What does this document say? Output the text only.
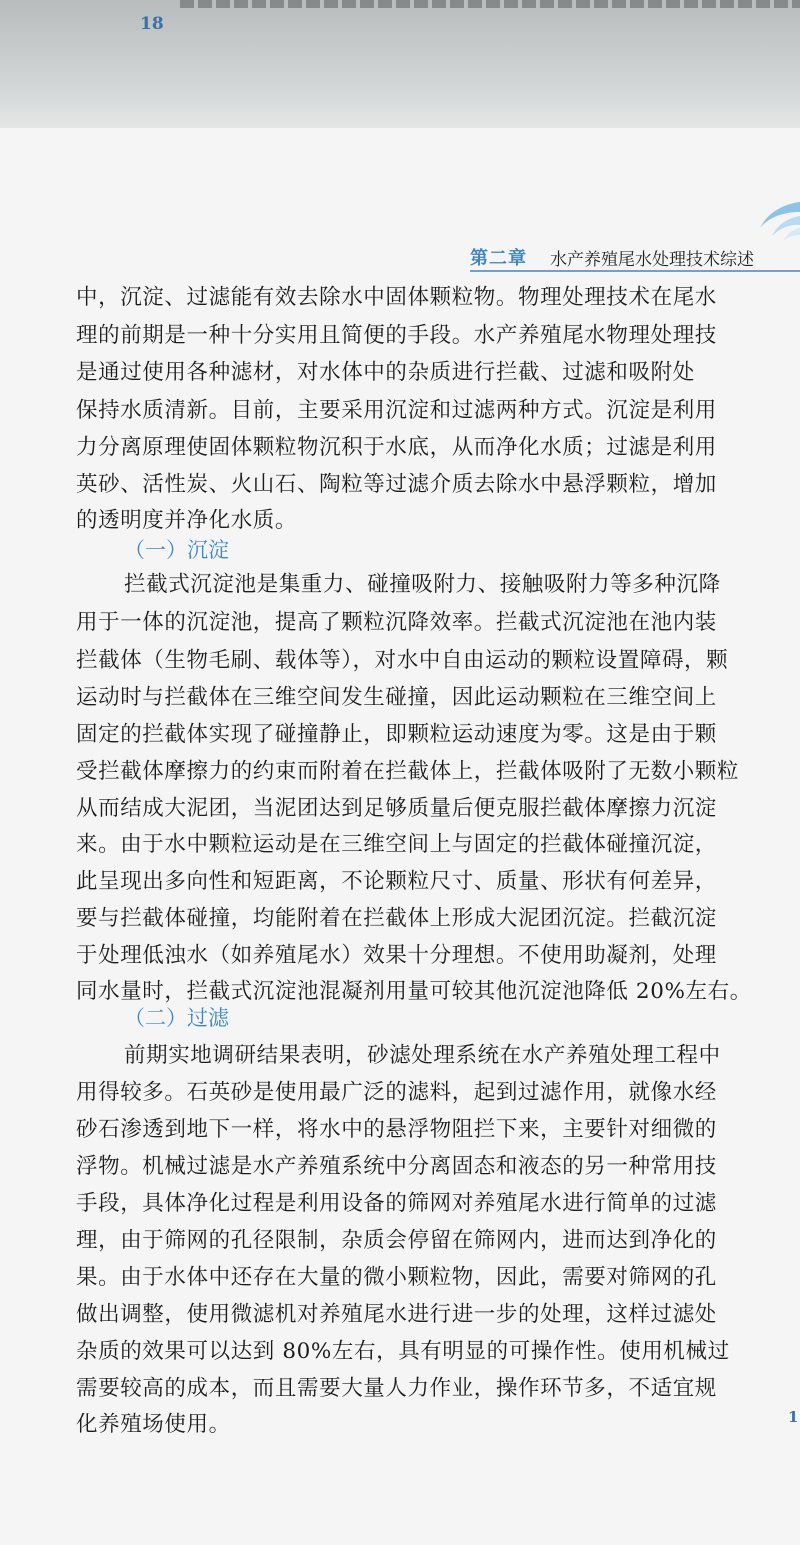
18
第二章 水产养殖尾水处理技术综述
中，沉淀、过滤能有效去除水中固体颗粒物。物理处理技术在尾水
理的前期是一种十分实用且简便的手段。水产养殖尾水物理处理技
是通过使用各种滤材，对水体中的杂质进行拦截、过滤和吸附处
保持水质清新。目前，主要采用沉淀和过滤两种方式。沉淀是利用
力分离原理使固体颗粒物沉积于水底，从而净化水质；过滤是利用
英砂、活性炭、火山石、陶粒等过滤介质去除水中悬浮颗粒，增加
的透明度并净化水质。
（一）沉淀
拦截式沉淀池是集重力、碰撞吸附力、接触吸附力等多种沉降
用于一体的沉淀池，提高了颗粒沉降效率。拦截式沉淀池在池内装
拦截体（生物毛刷、载体等），对水中自由运动的颗粒设置障碍，颗
运动时与拦截体在三维空间发生碰撞，因此运动颗粒在三维空间上
固定的拦截体实现了碰撞静止，即颗粒运动速度为零。这是由于颗
受拦截体摩擦力的约束而附着在拦截体上，拦截体吸附了无数小颗粒
从而结成大泥团，当泥团达到足够质量后便克服拦截体摩擦力沉淀
来。由于水中颗粒运动是在三维空间上与固定的拦截体碰撞沉淀，
此呈现出多向性和短距离，不论颗粒尺寸、质量、形状有何差异，
要与拦截体碰撞，均能附着在拦截体上形成大泥团沉淀。拦截沉淀
于处理低浊水（如养殖尾水）效果十分理想。不使用助凝剂，处理
同水量时，拦截式沉淀池混凝剂用量可较其他沉淀池降低 20%左右。
（二）过滤
前期实地调研结果表明，砂滤处理系统在水产养殖处理工程中
用得较多。石英砂是使用最广泛的滤料，起到过滤作用，就像水经
砂石渗透到地下一样，将水中的悬浮物阻拦下来，主要针对细微的
浮物。机械过滤是水产养殖系统中分离固态和液态的另一种常用技
手段，具体净化过程是利用设备的筛网对养殖尾水进行简单的过滤
理，由于筛网的孔径限制，杂质会停留在筛网内，进而达到净化的
果。由于水体中还存在大量的微小颗粒物，因此，需要对筛网的孔
做出调整，使用微滤机对养殖尾水进行进一步的处理，这样过滤处
杂质的效果可以达到 80%左右，具有明显的可操作性。使用机械过
需要较高的成本，而且需要大量人力作业，操作环节多，不适宜规
化养殖场使用。	1
